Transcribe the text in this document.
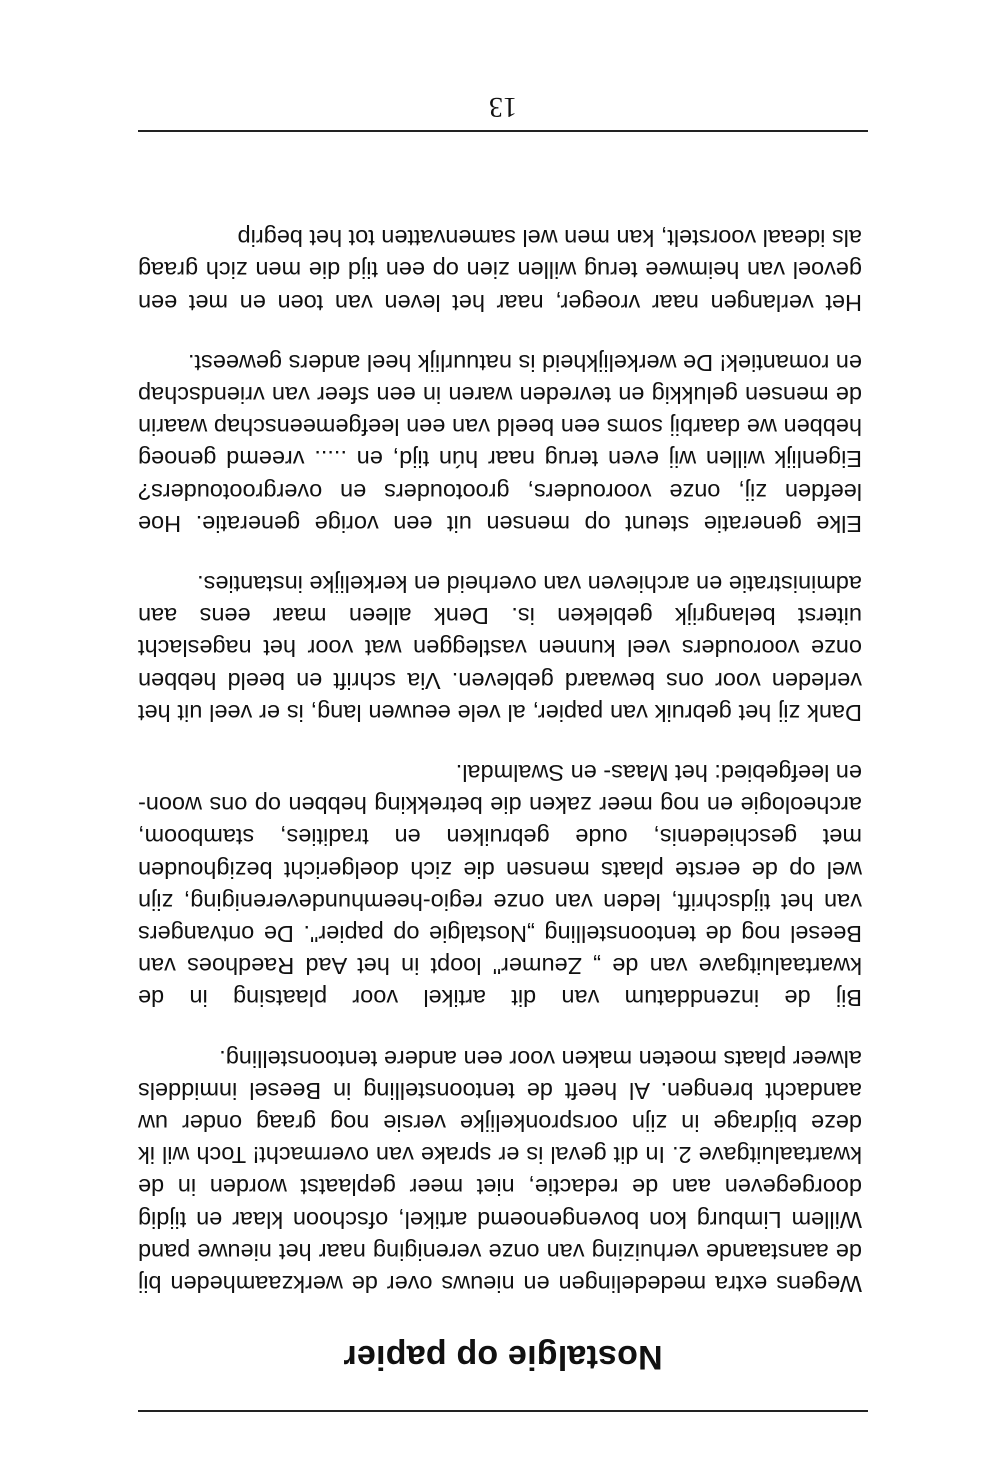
Nostalgie op papier

Wegens extra mededelingen en nieuws over de werkzaamheden bij de aanstaande verhuizing van onze vereniging naar het nieuwe pand Willem Limburg kon bovengenoemd artikel, ofschoon klaar en tijdig doorgegeven aan de redactie, niet meer geplaatst worden in de kwartaaluitgave 2. In dit geval is er sprake van overmacht! Toch wil ik deze bijdrage in zijn oorspronkelijke versie nog graag onder uw aandacht brengen. Al heeft de tentoonstelling in Beesel inmiddels alweer plaats moeten maken voor een andere tentoonstelling.

Bij de inzenddatum van dit artikel voor plaatsing in de kwartaaluitgave van de „ Zeumer" loopt in het Aad Raedhoes van Beesel nog de tentoonstelling „Nostalgie op papier". De ontvangers van het tijdschrift, leden van onze regio-heemhundevereniging, zijn wel op de eerste plaats mensen die zich doelgericht bezighouden met geschiedenis, oude gebruiken en tradities, stamboom, archeologie en nog meer zaken die betrekking hebben op ons woon- en leefgebied: het Maas- en Swalmdal.

Dank zij het gebruik van papier, al vele eeuwen lang, is er veel uit het verleden voor ons bewaard gebleven. Via schrift en beeld hebben onze voorouders veel kunnen vastleggen wat voor het nageslacht uiterst belangrijk gebleken is. Denk alleen maar eens aan administratie en archieven van overheid en kerkelijke instanties.

Elke generatie steunt op mensen uit een vorige generatie. Hoe leefden zij, onze voorouders, grootouders en overgrootouders? Eigenlijk willen wij even terug naar hún tijd, en ..... vreemd genoeg hebben we daarbij soms een beeld van een leefgemeenschap waarin de mensen gelukkig en tevreden waren in een sfeer van vriendschap en romantiek! De werkelijkheid is natuurlijk heel anders geweest.

Het verlangen naar vroeger, naar het leven van toen en met een gevoel van heimwee terug willen zien op een tijd die men zich graag als ideaal voorstelt, kan men wel samenvatten tot het begrip

13
